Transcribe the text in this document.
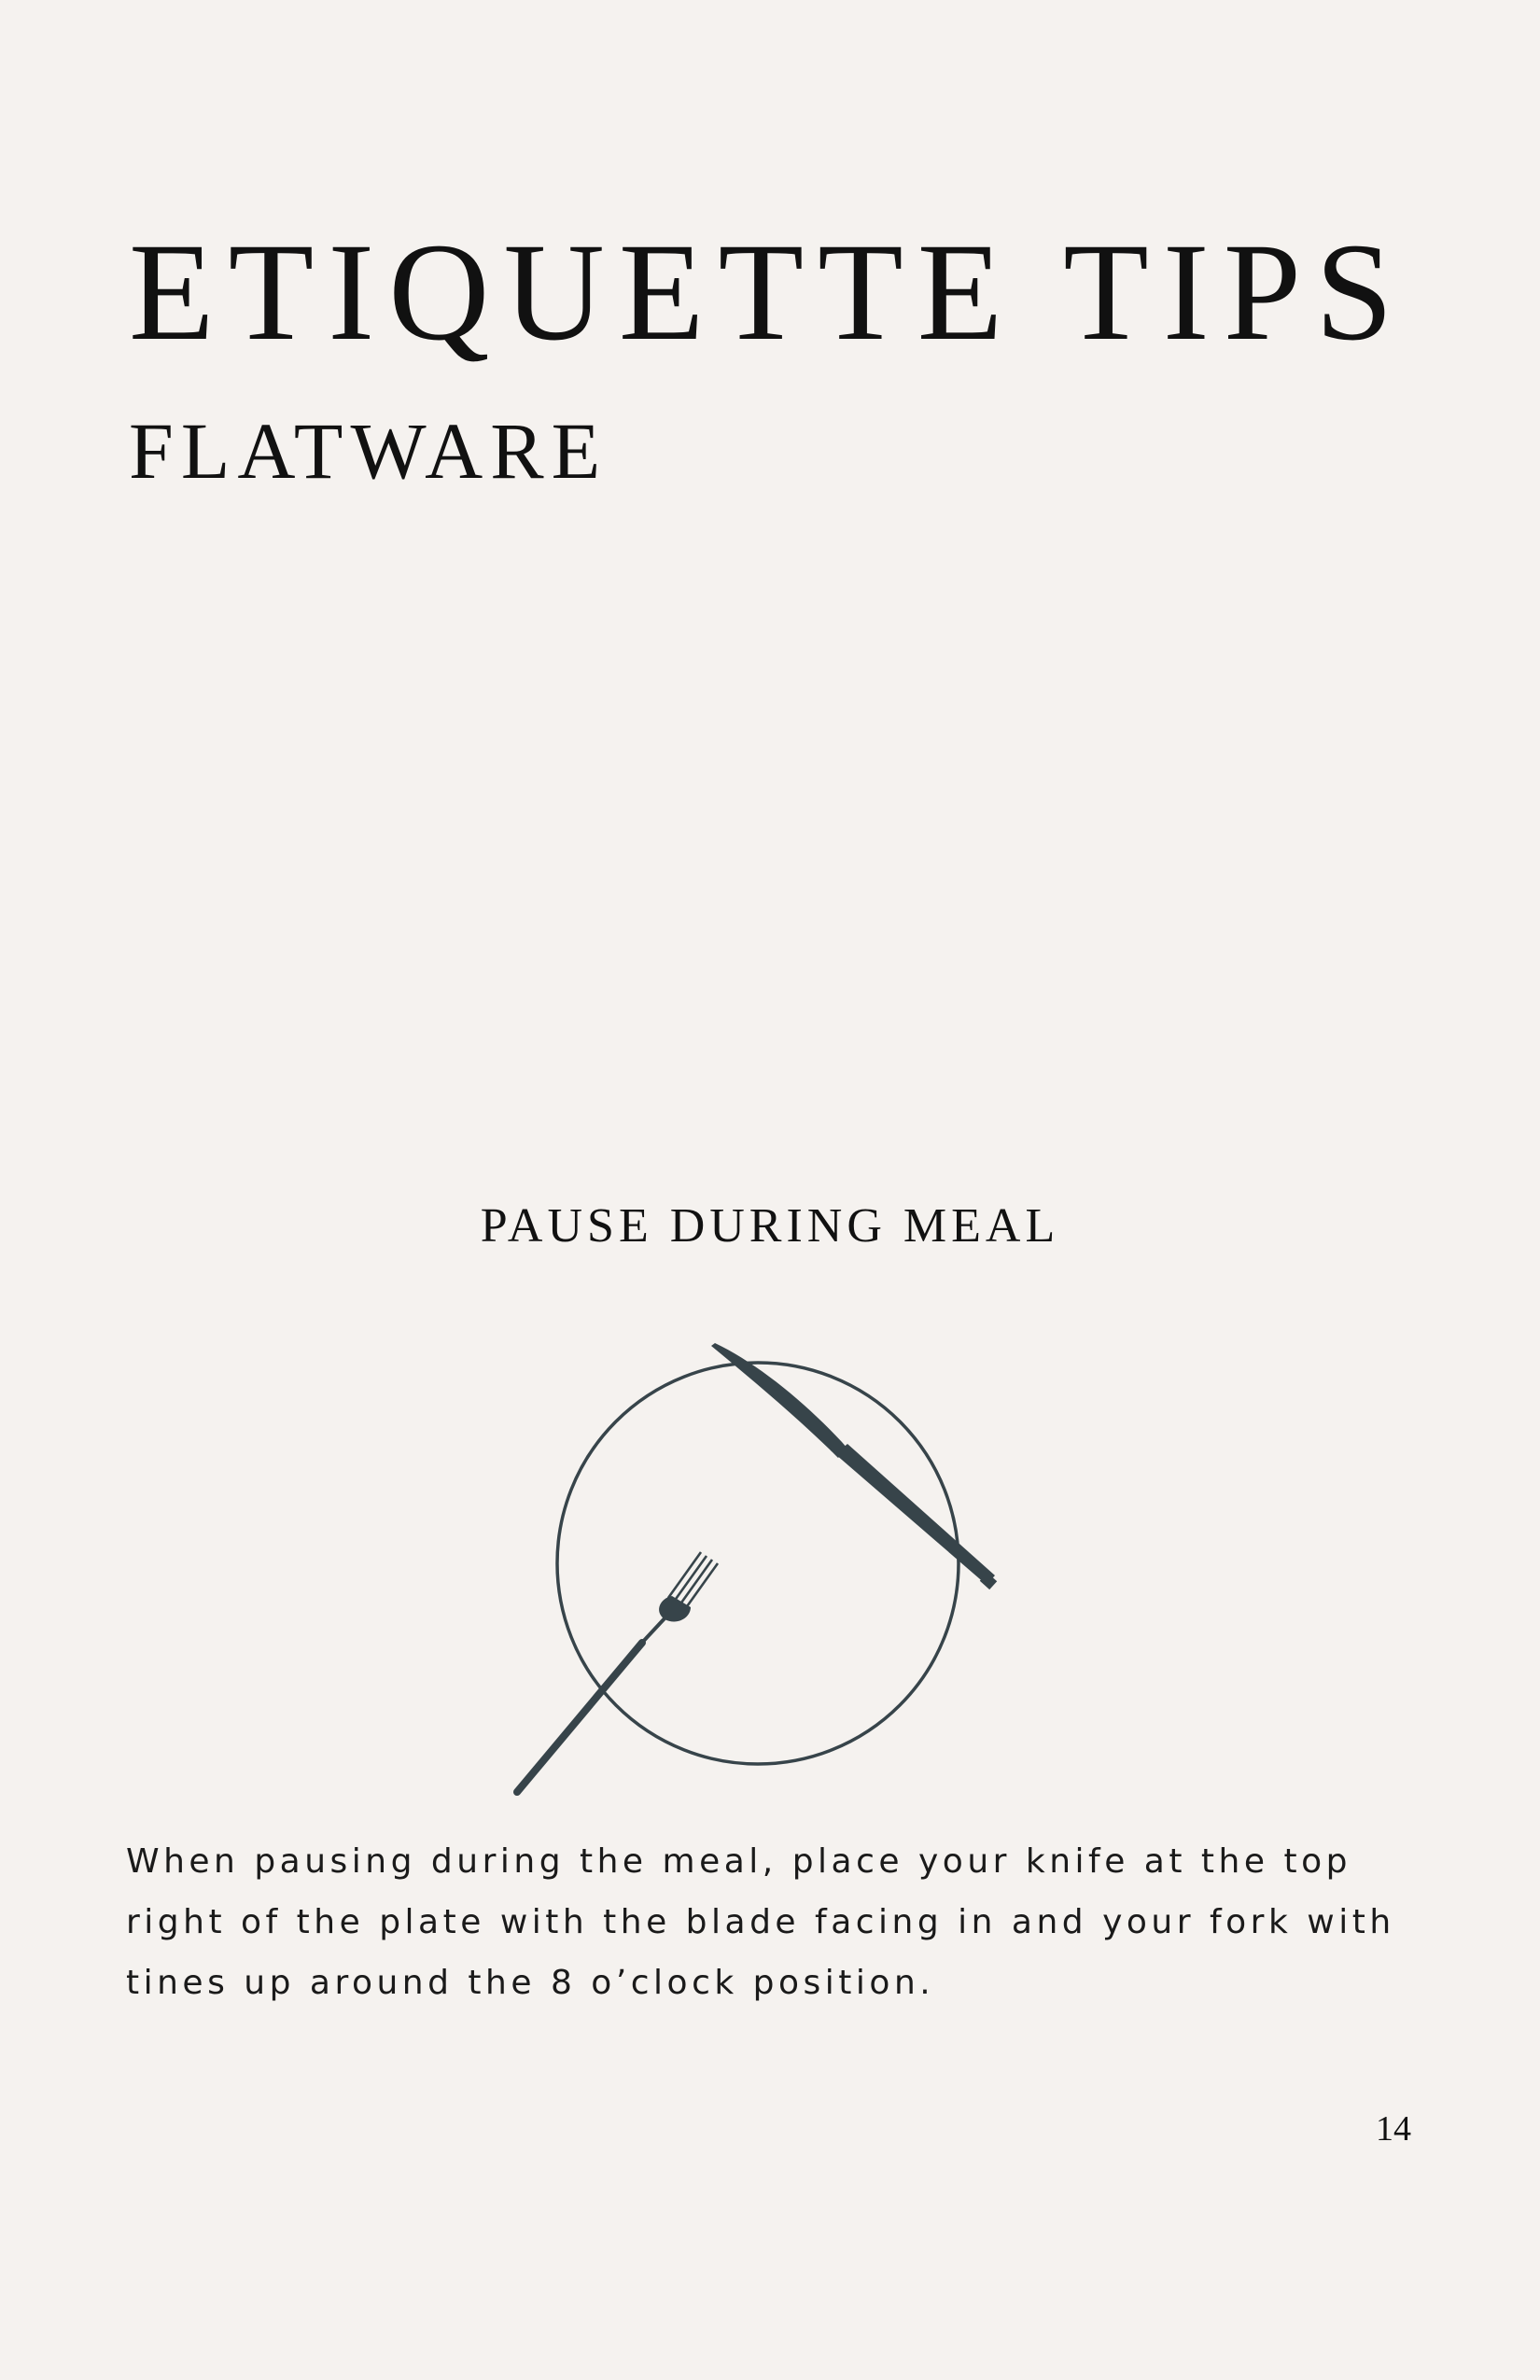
ETIQUETTE TIPS
FLATWARE
PAUSE DURING MEAL

When pausing during the meal, place your knife at the top right of the plate with the blade facing in and your fork with tines up around the 8 o’clock position.

14
